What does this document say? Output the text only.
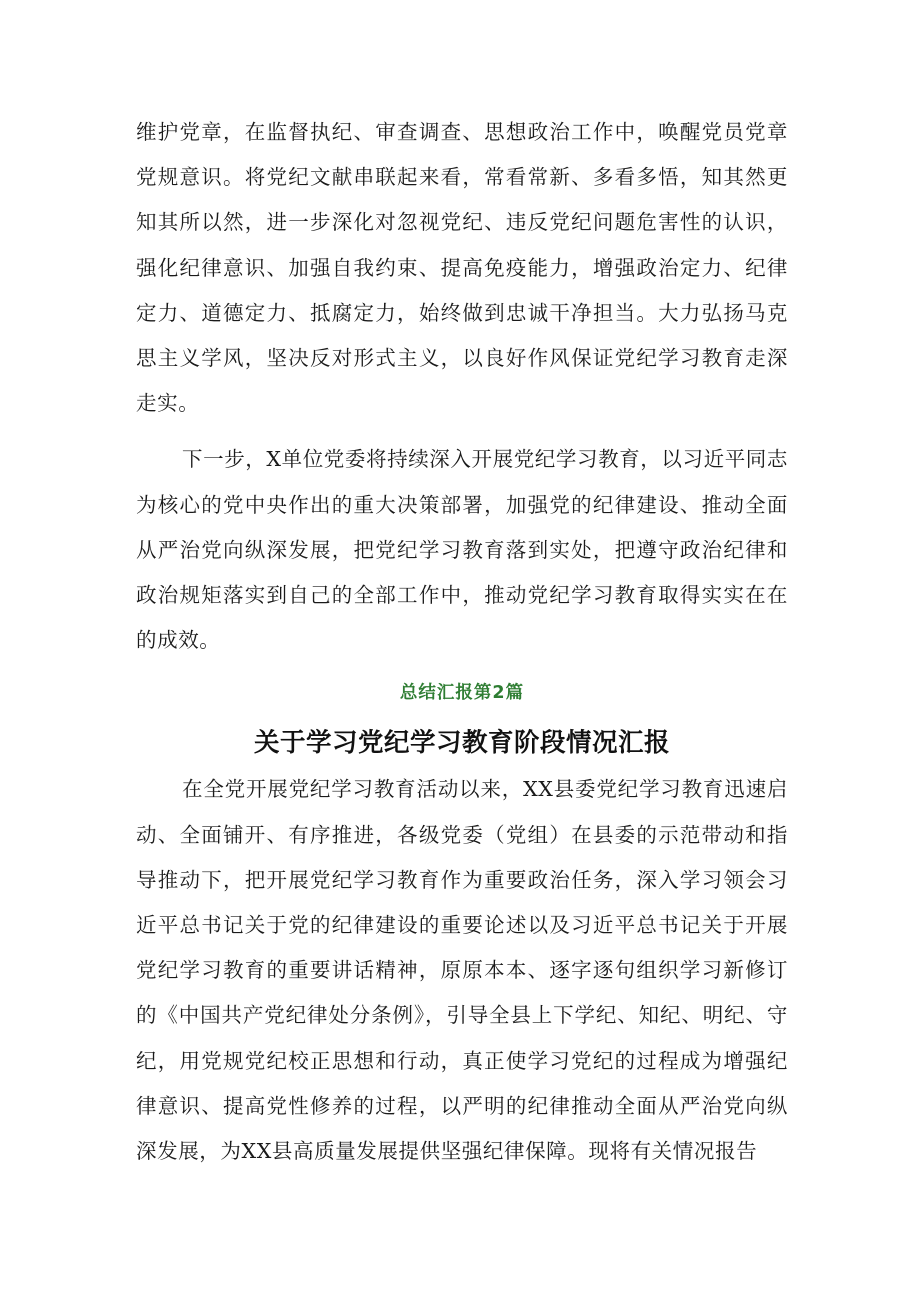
维护党章，在监督执纪、审查调查、思想政治工作中，唤醒党员党章党规意识。将党纪文献串联起来看，常看常新、多看多悟，知其然更知其所以然，进一步深化对忽视党纪、违反党纪问题危害性的认识，强化纪律意识、加强自我约束、提高免疫能力，增强政治定力、纪律定力、道德定力、抵腐定力，始终做到忠诚干净担当。大力弘扬马克思主义学风，坚决反对形式主义，以良好作风保证党纪学习教育走深走实。

下一步，X单位党委将持续深入开展党纪学习教育，以习近平同志为核心的党中央作出的重大决策部署，加强党的纪律建设、推动全面从严治党向纵深发展，把党纪学习教育落到实处，把遵守政治纪律和政治规矩落实到自己的全部工作中，推动党纪学习教育取得实实在在的成效。

总结汇报第2篇

关于学习党纪学习教育阶段情况汇报

在全党开展党纪学习教育活动以来，XX县委党纪学习教育迅速启动、全面铺开、有序推进，各级党委（党组）在县委的示范带动和指导推动下，把开展党纪学习教育作为重要政治任务，深入学习领会习近平总书记关于党的纪律建设的重要论述以及习近平总书记关于开展党纪学习教育的重要讲话精神，原原本本、逐字逐句组织学习新修订的《中国共产党纪律处分条例》，引导全县上下学纪、知纪、明纪、守纪，用党规党纪校正思想和行动，真正使学习党纪的过程成为增强纪律意识、提高党性修养的过程，以严明的纪律推动全面从严治党向纵深发展，为XX县高质量发展提供坚强纪律保障。现将有关情况报告
